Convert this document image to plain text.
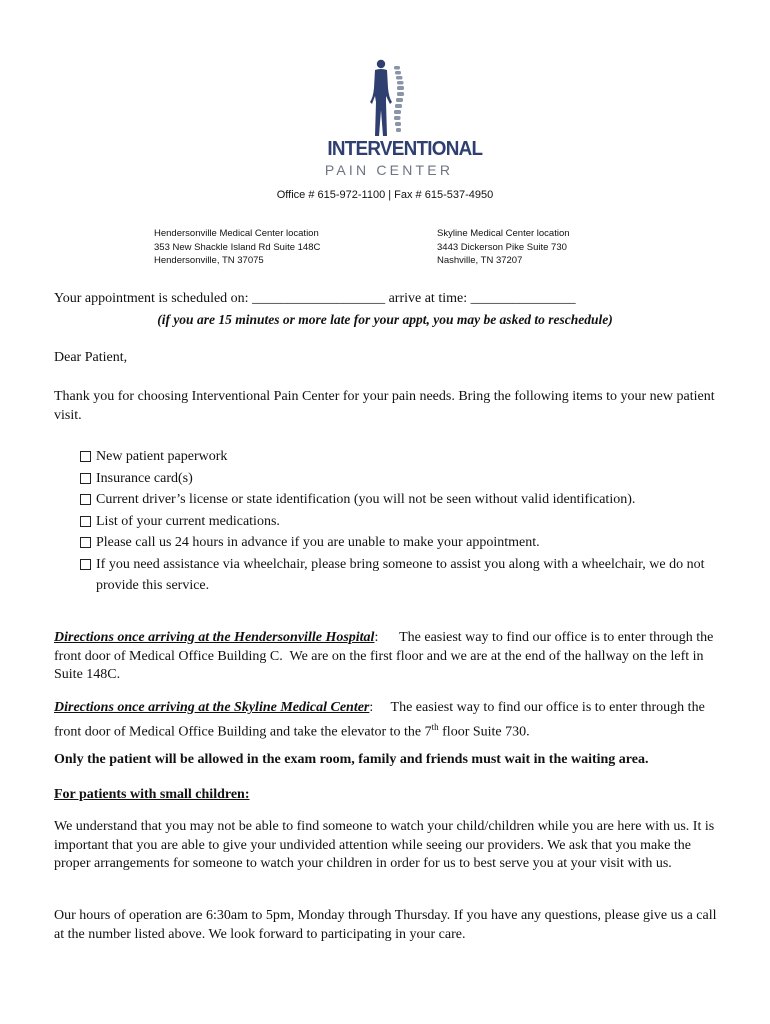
INTERVENTIONAL
PAIN CENTER
Office # 615-972-1100 | Fax # 615-537-4950
Hendersonville Medical Center location
353 New Shackle Island Rd Suite 148C
Hendersonville, TN 37075
Skyline Medical Center location
3443 Dickerson Pike Suite 730
Nashville, TN 37207
Your appointment is scheduled on: ___________________ arrive at time: _______________
(if you are 15 minutes or more late for your appt, you may be asked to reschedule)
Dear Patient,
Thank you for choosing Interventional Pain Center for your pain needs. Bring the following items to your new patient visit.
New patient paperwork
Insurance card(s)
Current driver’s license or state identification (you will not be seen without valid identification).
List of your current medications.
Please call us 24 hours in advance if you are unable to make your appointment.
If you need assistance via wheelchair, please bring someone to assist you along with a wheelchair, we do not provide this service.
Directions once arriving at the Hendersonville Hospital:      The easiest way to find our office is to enter through the front door of Medical Office Building C.  We are on the first floor and we are at the end of the hallway on the left in Suite 148C.
Directions once arriving at the Skyline Medical Center:     The easiest way to find our office is to enter through the front door of Medical Office Building and take the elevator to the 7th floor Suite 730.
Only the patient will be allowed in the exam room, family and friends must wait in the waiting area.
For patients with small children:
We understand that you may not be able to find someone to watch your child/children while you are here with us. It is important that you are able to give your undivided attention while seeing our providers. We ask that you make the proper arrangements for someone to watch your children in order for us to best serve you at your visit with us.
Our hours of operation are 6:30am to 5pm, Monday through Thursday. If you have any questions, please give us a call at the number listed above. We look forward to participating in your care.
